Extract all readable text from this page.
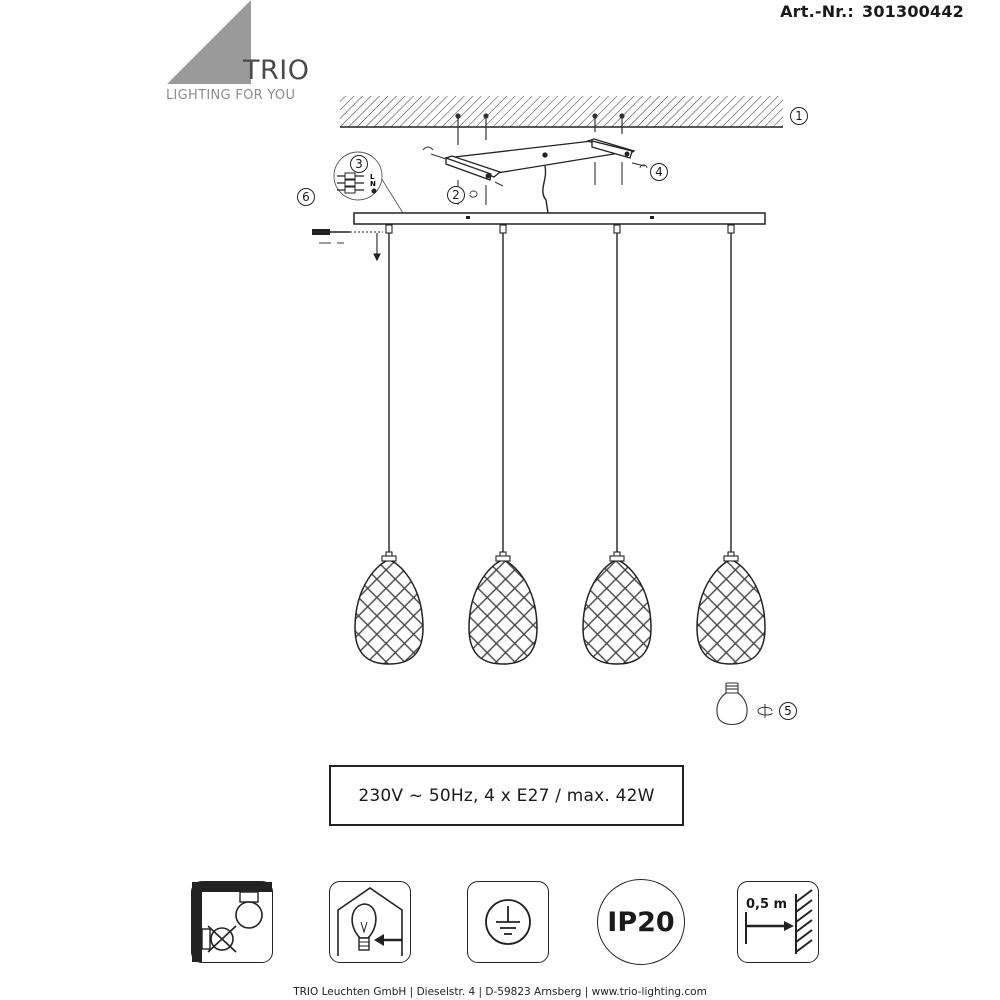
Art.-Nr.: 301300442
TRIO
LIGHTING FOR YOU
L
N
1
2
3
4
5
6
230V ~ 50Hz, 4 x E27 / max. 42W
IP20
0,5 m
TRIO Leuchten GmbH | Dieselstr. 4 | D-59823 Arnsberg | www.trio-lighting.com
